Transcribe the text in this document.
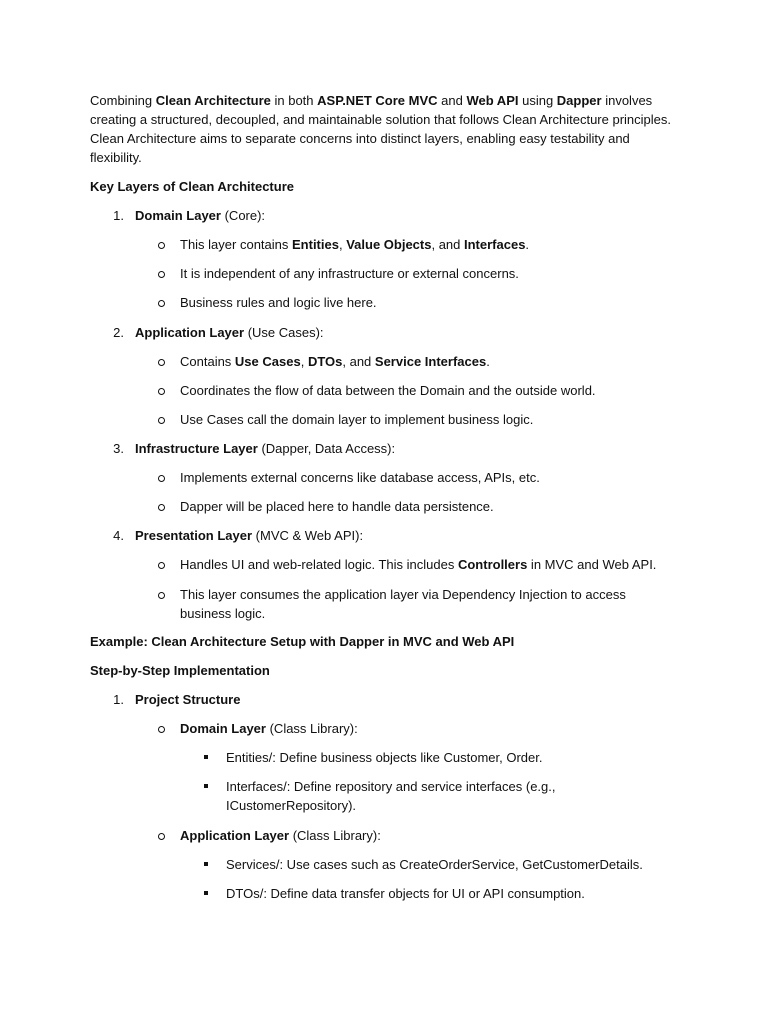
Combining Clean Architecture in both ASP.NET Core MVC and Web API using Dapper involves creating a structured, decoupled, and maintainable solution that follows Clean Architecture principles. Clean Architecture aims to separate concerns into distinct layers, enabling easy testability and flexibility.

Key Layers of Clean Architecture

1. Domain Layer (Core):
This layer contains Entities, Value Objects, and Interfaces.
It is independent of any infrastructure or external concerns.
Business rules and logic live here.
2. Application Layer (Use Cases):
Contains Use Cases, DTOs, and Service Interfaces.
Coordinates the flow of data between the Domain and the outside world.
Use Cases call the domain layer to implement business logic.
3. Infrastructure Layer (Dapper, Data Access):
Implements external concerns like database access, APIs, etc.
Dapper will be placed here to handle data persistence.
4. Presentation Layer (MVC & Web API):
Handles UI and web-related logic. This includes Controllers in MVC and Web API.
This layer consumes the application layer via Dependency Injection to access
business logic.

Example: Clean Architecture Setup with Dapper in MVC and Web API

Step-by-Step Implementation

1. Project Structure
Domain Layer (Class Library):
Entities/: Define business objects like Customer, Order.
Interfaces/: Define repository and service interfaces (e.g.,
ICustomerRepository).
Application Layer (Class Library):
Services/: Use cases such as CreateOrderService, GetCustomerDetails.
DTOs/: Define data transfer objects for UI or API consumption.
